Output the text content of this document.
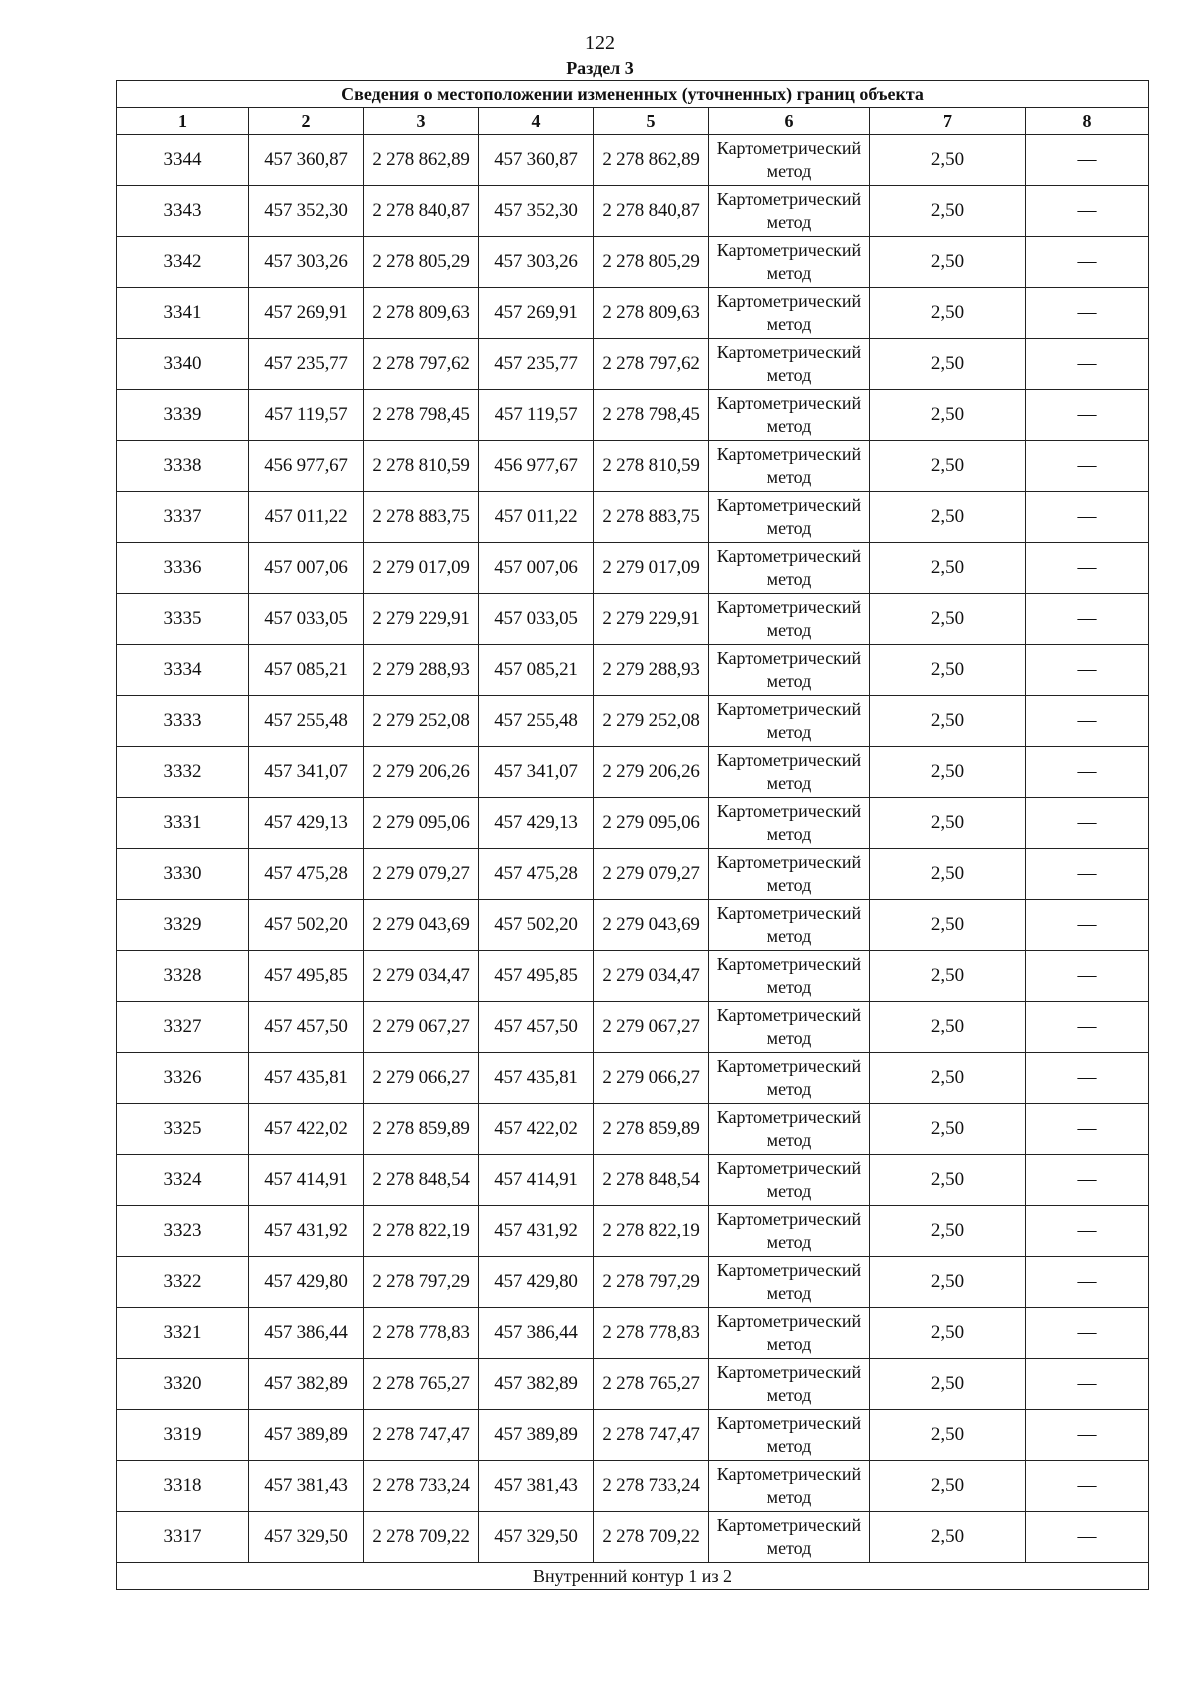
122
Раздел 3
Сведения о местоположении измененных (уточненных) границ объекта							
1	2	3	4	5	6	7	8
3344	457 360,87	2 278 862,89	457 360,87	2 278 862,89	Картометрический метод	2,50	—
3343	457 352,30	2 278 840,87	457 352,30	2 278 840,87	Картометрический метод	2,50	—
3342	457 303,26	2 278 805,29	457 303,26	2 278 805,29	Картометрический метод	2,50	—
3341	457 269,91	2 278 809,63	457 269,91	2 278 809,63	Картометрический метод	2,50	—
3340	457 235,77	2 278 797,62	457 235,77	2 278 797,62	Картометрический метод	2,50	—
3339	457 119,57	2 278 798,45	457 119,57	2 278 798,45	Картометрический метод	2,50	—
3338	456 977,67	2 278 810,59	456 977,67	2 278 810,59	Картометрический метод	2,50	—
3337	457 011,22	2 278 883,75	457 011,22	2 278 883,75	Картометрический метод	2,50	—
3336	457 007,06	2 279 017,09	457 007,06	2 279 017,09	Картометрический метод	2,50	—
3335	457 033,05	2 279 229,91	457 033,05	2 279 229,91	Картометрический метод	2,50	—
3334	457 085,21	2 279 288,93	457 085,21	2 279 288,93	Картометрический метод	2,50	—
3333	457 255,48	2 279 252,08	457 255,48	2 279 252,08	Картометрический метод	2,50	—
3332	457 341,07	2 279 206,26	457 341,07	2 279 206,26	Картометрический метод	2,50	—
3331	457 429,13	2 279 095,06	457 429,13	2 279 095,06	Картометрический метод	2,50	—
3330	457 475,28	2 279 079,27	457 475,28	2 279 079,27	Картометрический метод	2,50	—
3329	457 502,20	2 279 043,69	457 502,20	2 279 043,69	Картометрический метод	2,50	—
3328	457 495,85	2 279 034,47	457 495,85	2 279 034,47	Картометрический метод	2,50	—
3327	457 457,50	2 279 067,27	457 457,50	2 279 067,27	Картометрический метод	2,50	—
3326	457 435,81	2 279 066,27	457 435,81	2 279 066,27	Картометрический метод	2,50	—
3325	457 422,02	2 278 859,89	457 422,02	2 278 859,89	Картометрический метод	2,50	—
3324	457 414,91	2 278 848,54	457 414,91	2 278 848,54	Картометрический метод	2,50	—
3323	457 431,92	2 278 822,19	457 431,92	2 278 822,19	Картометрический метод	2,50	—
3322	457 429,80	2 278 797,29	457 429,80	2 278 797,29	Картометрический метод	2,50	—
3321	457 386,44	2 278 778,83	457 386,44	2 278 778,83	Картометрический метод	2,50	—
3320	457 382,89	2 278 765,27	457 382,89	2 278 765,27	Картометрический метод	2,50	—
3319	457 389,89	2 278 747,47	457 389,89	2 278 747,47	Картометрический метод	2,50	—
3318	457 381,43	2 278 733,24	457 381,43	2 278 733,24	Картометрический метод	2,50	—
3317	457 329,50	2 278 709,22	457 329,50	2 278 709,22	Картометрический метод	2,50	—
Внутренний контур 1 из 2							
